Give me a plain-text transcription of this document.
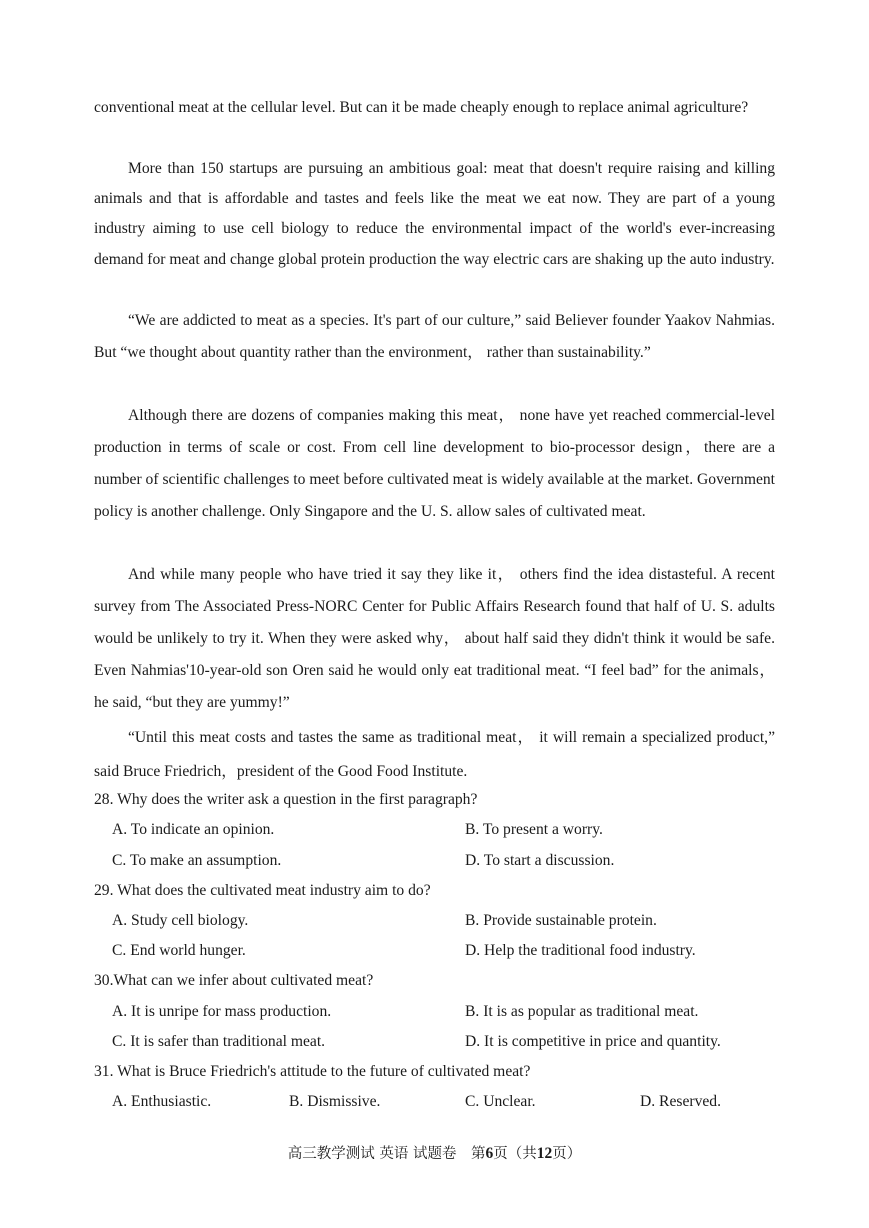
conventional meat at the cellular level. But can it be made cheaply enough to replace animal agriculture?

More than 150 startups are pursuing an ambitious goal: meat that doesn't require raising and killing animals and that is affordable and tastes and feels like the meat we eat now. They are part of a young industry aiming to use cell biology to reduce the environmental impact of the world's ever-increasing demand for meat and change global protein production the way electric cars are shaking up the auto industry.

“We are addicted to meat as a species. It's part of our culture,” said Believer founder Yaakov Nahmias. But “we thought about quantity rather than the environment， rather than sustainability.”

Although there are dozens of companies making this meat， none have yet reached commercial-level production in terms of scale or cost. From cell line development to bio-processor design，there are a number of scientific challenges to meet before cultivated meat is widely available at the market. Government policy is another challenge. Only Singapore and the U. S. allow sales of cultivated meat.

And while many people who have tried it say they like it， others find the idea distasteful. A recent survey from The Associated Press-NORC Center for Public Affairs Research found that half of U. S. adults would be unlikely to try it. When they were asked why， about half said they didn't think it would be safe. Even Nahmias'10-year-old son Oren said he would only eat traditional meat. “I feel bad” for the animals，he said, “but they are yummy!”

“Until this meat costs and tastes the same as traditional meat， it will remain a specialized product,” said Bruce Friedrich，president of the Good Food Institute.

28. Why does the writer ask a question in the first paragraph?
A. To indicate an opinion.	B. To present a worry.
C. To make an assumption.	D. To start a discussion.
29. What does the cultivated meat industry aim to do?
A. Study cell biology.	B. Provide sustainable protein.
C. End world hunger.	D. Help the traditional food industry.
30.What can we infer about cultivated meat?
A. It is unripe for mass production.	B. It is as popular as traditional meat.
C. It is safer than traditional meat.	D. It is competitive in price and quantity.
31. What is Bruce Friedrich's attitude to the future of cultivated meat?
A. Enthusiastic.	B. Dismissive.	C. Unclear.	D. Reserved.
高三教学测试 英语 试题卷　第6页（共12页）
